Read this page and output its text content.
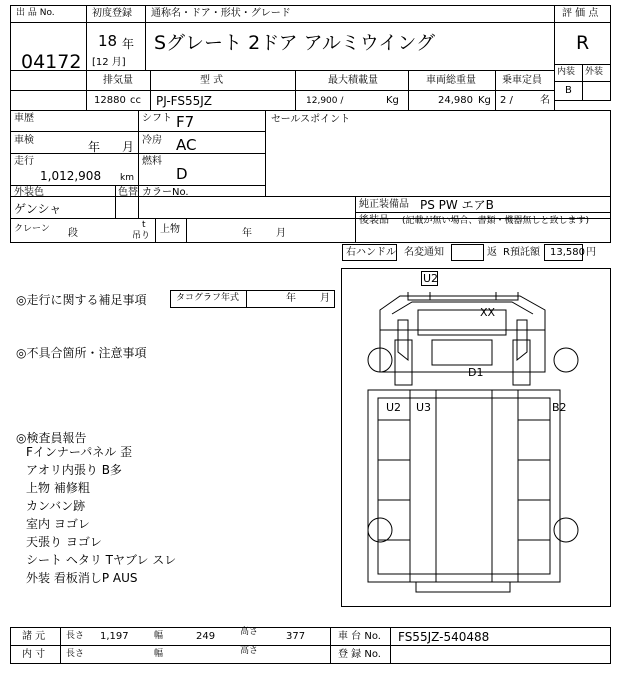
出 品 No.
04172
初度登録 通称名・ドア・形状・グレード
18 年
[12 月]
Sグレート 2ドア アルミウイング
評 価 点
R
内装 外装
B
排気量
12880 cc
型 式
PJ-FS55JZ
最大積載量
12,900 /	Kg
車両総重量
24,980 Kg
乗車定員
2 /	名
車歴	シフト F7
車検	年 月 冷房 AC
走行
1,012,908 km
燃料
D
外装色
ゲンシャ
色替 カラーNo.
セールスポイント
純正装備品 PS PW エアB
後装品 (記載が無い場合、書類・機器無しと致します)
クレーン 段
t
吊り
上物	年 月
右ハンドル 名変通知	返 R預託額 13,580 円
◎走行に関する補足事項	タコグラフ年式	年 月
◎不具合箇所・注意事項
◎検査員報告
Fインナーパネル 歪
アオリ内張り B多
上物 補修粗
カンバン跡
室内 ヨゴレ
天張り ヨゴレ
シート ヘタリ Tヤブレ スレ
外装 看板消しP AUS
U2
XX
D1
U2 U3	B2
諸 元 長さ 1,197	幅	249	高さ	377	車 台 No. FS55JZ-540488
内 寸 長さ	幅	高さ	登 録 No.
